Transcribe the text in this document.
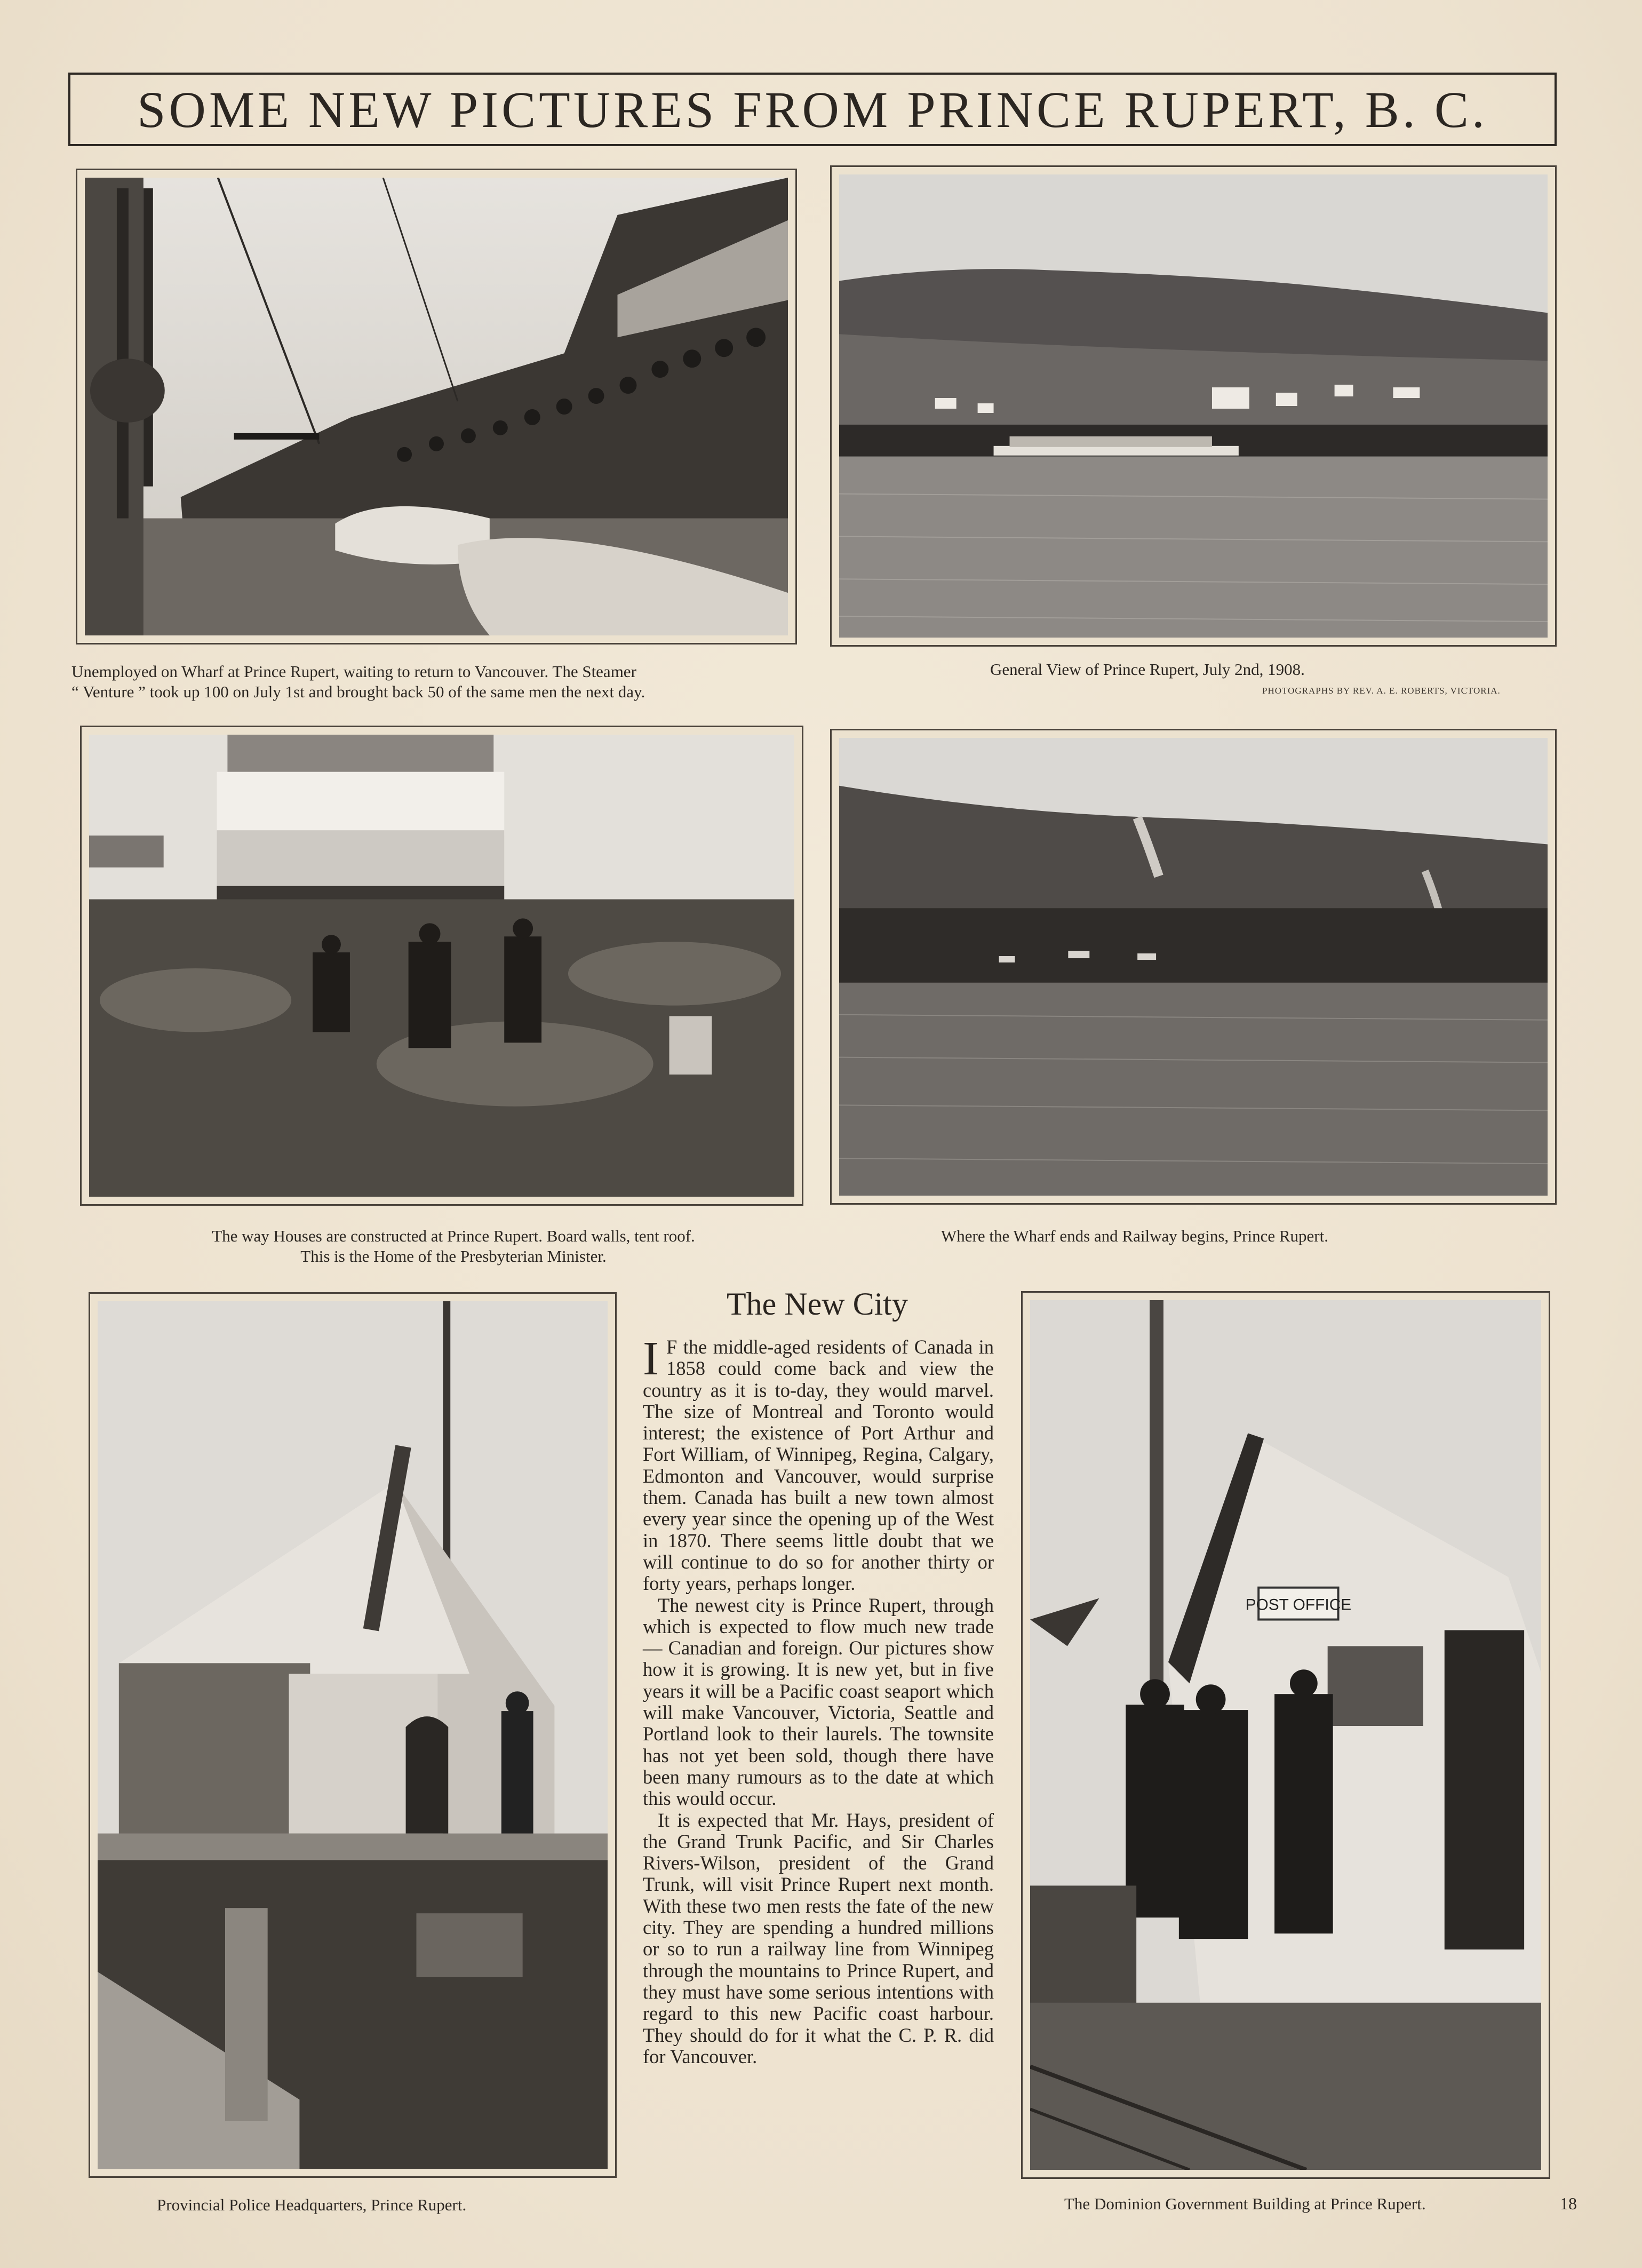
SOME NEW PICTURES FROM PRINCE RUPERT, B. C.
Unemployed on Wharf at Prince Rupert, waiting to return to Vancouver. The Steamer
“ Venture ” took up 100 on July 1st and brought back 50 of the same men the next day.
General View of Prince Rupert, July 2nd, 1908.
PHOTOGRAPHS BY REV. A. E. ROBERTS, VICTORIA.
The way Houses are constructed at Prince Rupert. Board walls, tent roof.
This is the Home of the Presbyterian Minister.
Where the Wharf ends and Railway begins, Prince Rupert.
Provincial Police Headquarters, Prince Rupert.
The New City

I F the middle-aged residents of Canada in 1858 could come back and view the country as it is to-day, they would marvel. The size of Montreal and Toronto would interest; the existence of Port Arthur and Fort William, of Winnipeg, Regina, Calgary, Edmonton and Vancouver, would surprise them. Canada has built a new town almost every year since the opening up of the West in 1870. There seems little doubt that we will continue to do so for another thirty or forty years, perhaps longer.

The newest city is Prince Rupert, through which is expected to flow much new trade — Canadian and foreign. Our pictures show how it is growing. It is new yet, but in five years it will be a Pacific coast seaport which will make Vancouver, Victoria, Seattle and Portland look to their laurels. The townsite has not yet been sold, though there have been many rumours as to the date at which this would occur.

It is expected that Mr. Hays, president of the Grand Trunk Pacific, and Sir Charles Rivers-Wilson, president of the Grand Trunk, will visit Prince Rupert next month. With these two men rests the fate of the new city. They are spending a hundred millions or so to run a railway line from Winnipeg through the mountains to Prince Rupert, and they must have some serious intentions with regard to this new Pacific coast harbour. They should do for it what the C. P. R. did for Vancouver.

POST OFFICE
The Dominion Government Building at Prince Rupert.	18
